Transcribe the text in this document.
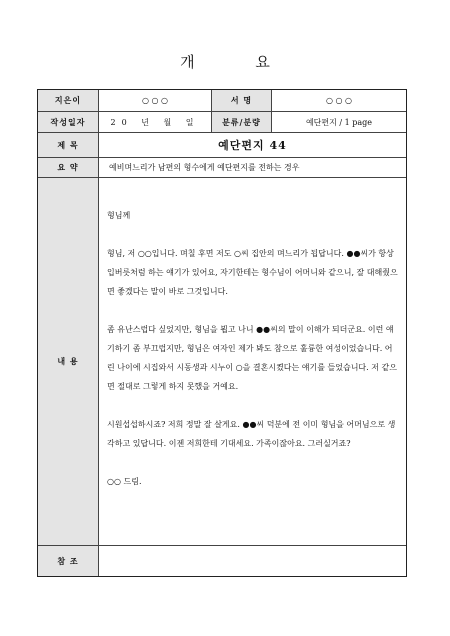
개 요
지은이	○ ○ ○	서 명	○ ○ ○
작성일자	20 년 월 일	분류/분량	예단편지 / 1 page
제 목	예단편지 44
요 약	예비며느리가 남편의 형수에게 예단편지를 전하는 경우
내 용

형님께

형님, 저 ○○입니다. 며칠 후면 저도 ○씨 집안의 며느리가 됩답니다. ●●씨가 항상 입버릇처럼 하는 얘기가 있어요, 자기한테는 형수님이 어머니와 같으니, 잘 대해줬으면 좋겠다는 말이 바로 그것입니다.

좀 유난스럽다 싶었지만, 형님을 뵙고 나니 ●●씨의 말이 이해가 되더군요. 이런 얘기하기 좀 부끄럽지만, 형님은 여자인 제가 봐도 참으로 훌륭한 여성이었습니다. 어린 나이에 시집와서 시동생과 시누이 ○을 결혼시켰다는 얘기를 들었습니다. 저 같으면 절대로 그렇게 하지 못했을 거예요.

시원섭섭하시죠? 저희 정말 잘 살게요. ●●씨 덕분에 전 이미 형님을 어머님으로 생각하고 있답니다. 이젠 저희한테 기대세요. 가족이잖아요. 그러실거죠?

○○ 드림.

참 조
